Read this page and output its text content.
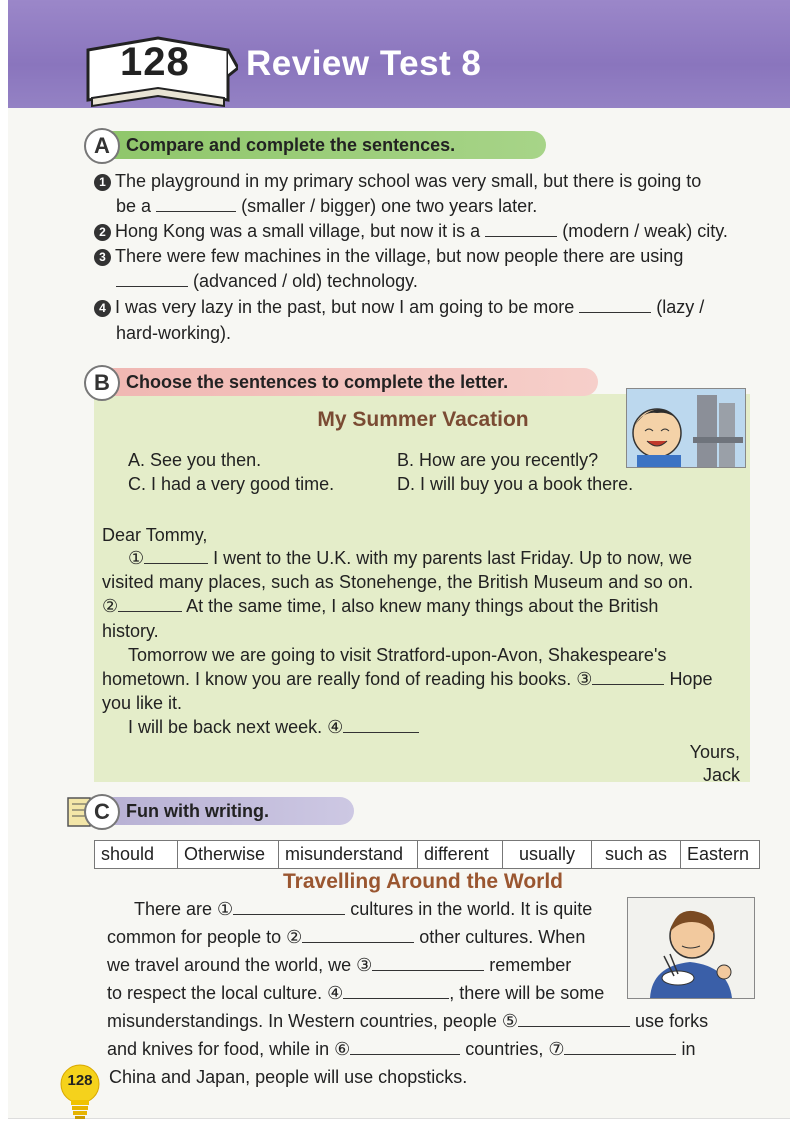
128 Review Test 8
A Compare and complete the sentences.
1 The playground in my primary school was very small, but there is going to
be a	(smaller / bigger) one two years later.
2 Hong Kong was a small village, but now it is a	(modern / weak) city.
3 There were few machines in the village, but now people there are using
(advanced / old) technology.
4 I was very lazy in the past, but now I am going to be more	(lazy /
hard-working).
B Choose the sentences to complete the letter.
My Summer Vacation
A. See you then.	B. How are you recently?
C. I had a very good time.	D. I will buy you a book there.
Dear Tommy,
①	I went to the U.K. with my parents last Friday. Up to now, we
visited many places, such as Stonehenge, the British Museum and so on.
②	At the same time, I also knew many things about the British
history.
Tomorrow we are going to visit Stratford-upon-Avon, Shakespeare's
hometown. I know you are really fond of reading his books. ③	Hope
you like it.
I will be back next week. ④
Yours,
Jack
C Fun with writing.
should	Otherwise	misunderstand	different	usually	such as	Eastern
Travelling Around the World
There are ①	cultures in the world. It is quite
common for people to ②	other cultures. When
we travel around the world, we ③	remember
to respect the local culture. ④	, there will be some
misunderstandings. In Western countries, people ⑤	use forks
and knives for food, while in ⑥	countries, ⑦	in
China and Japan, people will use chopsticks.
128
